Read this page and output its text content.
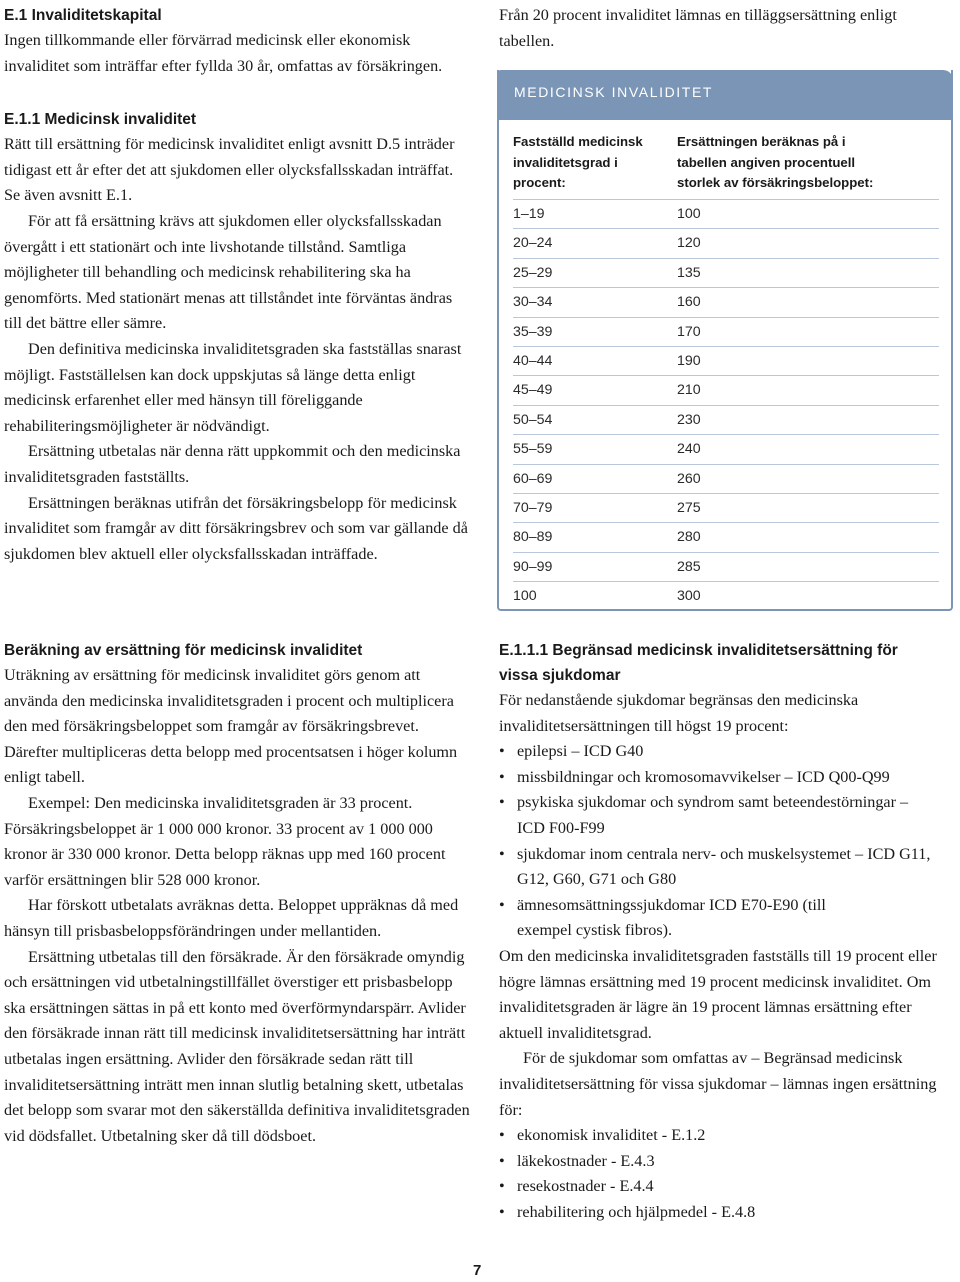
E.1 Invaliditetskapital

Ingen tillkommande eller förvärrad medicinsk eller ekonomisk invaliditet som inträffar efter fyllda 30 år, omfattas av försäkringen.

E.1.1 Medicinsk invaliditet

Rätt till ersättning för medicinsk invaliditet enligt avsnitt D.5 inträder tidigast ett år efter det att sjukdomen eller olycksfallsskadan inträffat. Se även avsnitt E.1.

För att få ersättning krävs att sjukdomen eller olycksfallsskadan övergått i ett stationärt och inte livshotande tillstånd. Samtliga möjligheter till behandling och medicinsk rehabilitering ska ha genomförts. Med stationärt menas att tillståndet inte förväntas ändras till det bättre eller sämre.

Den definitiva medicinska invaliditetsgraden ska fastställas snarast möjligt. Fastställelsen kan dock uppskjutas så länge detta enligt medicinsk erfarenhet eller med hänsyn till föreliggande rehabiliteringsmöjligheter är nödvändigt.

Ersättning utbetalas när denna rätt uppkommit och den medicinska invaliditetsgraden fastställts.

Ersättningen beräknas utifrån det försäkringsbelopp för medicinsk invaliditet som framgår av ditt försäkringsbrev och som var gällande då sjukdomen blev aktuell eller olycksfallsskadan inträffade.

Beräkning av ersättning för medicinsk invaliditet

Uträkning av ersättning för medicinsk invaliditet görs genom att använda den medicinska invaliditetsgraden i procent och multiplicera den med försäkringsbeloppet som framgår av försäkringsbrevet. Därefter multipliceras detta belopp med procentsatsen i höger kolumn enligt tabell.

Exempel: Den medicinska invaliditetsgraden är 33 procent. Försäkringsbeloppet är 1 000 000 kronor. 33 procent av 1 000 000 kronor är 330 000 kronor. Detta belopp räknas upp med 160 procent varför ersättningen blir 528 000 kronor.

Har förskott utbetalats avräknas detta. Beloppet uppräknas då med hänsyn till prisbasbeloppsförändringen under mellantiden.

Ersättning utbetalas till den försäkrade. Är den försäkrade omyndig och ersättningen vid utbetalningstillfället överstiger ett prisbasbelopp ska ersättningen sättas in på ett konto med överförmyndarspärr. Avlider den försäkrade innan rätt till medicinsk invaliditetsersättning har inträtt utbetalas ingen ersättning. Avlider den försäkrade sedan rätt till invaliditetsersättning inträtt men innan slutlig betalning skett, utbetalas det belopp som svarar mot den säkerställda definitiva invaliditetsgraden vid dödsfallet. Utbetalning sker då till dödsboet.

Från 20 procent invaliditet lämnas en tilläggsersättning enligt tabellen.

MEDICINSK INVALIDITET
Fastställd medicinsk invaliditetsgrad i procent:
Ersättningen beräknas på i tabellen angiven procentuell storlek av försäkringsbeloppet:
1–19	100
20–24	120
25–29	135
30–34	160
35–39	170
40–44	190
45–49	210
50–54	230
55–59	240
60–69	260
70–79	275
80–89	280
90–99	285
100	300
E.1.1.1 Begränsad medicinsk invaliditetsersättning för vissa sjukdomar

För nedanstående sjukdomar begränsas den medicinska invaliditetsersättningen till högst 19 procent:

• epilepsi – ICD G40
• missbildningar och kromosomavvikelser – ICD Q00-Q99
• psykiska sjukdomar och syndrom samt beteendestörningar – ICD F00-F99
• sjukdomar inom centrala nerv- och muskelsystemet – ICD G11, G12, G60, G71 och G80
• ämnesomsättningssjukdomar ICD E70-E90 (till exempel cystisk fibros).

Om den medicinska invaliditetsgraden fastställs till 19 procent eller högre lämnas ersättning med 19 procent medicinsk invaliditet. Om invaliditetsgraden är lägre än 19 procent lämnas ersättning efter aktuell invaliditetsgrad.

För de sjukdomar som omfattas av – Begränsad medicinsk invaliditetsersättning för vissa sjukdomar – lämnas ingen ersättning för:

• ekonomisk invaliditet - E.1.2
• läkekostnader - E.4.3
• resekostnader - E.4.4
• rehabilitering och hjälpmedel - E.4.8
7
